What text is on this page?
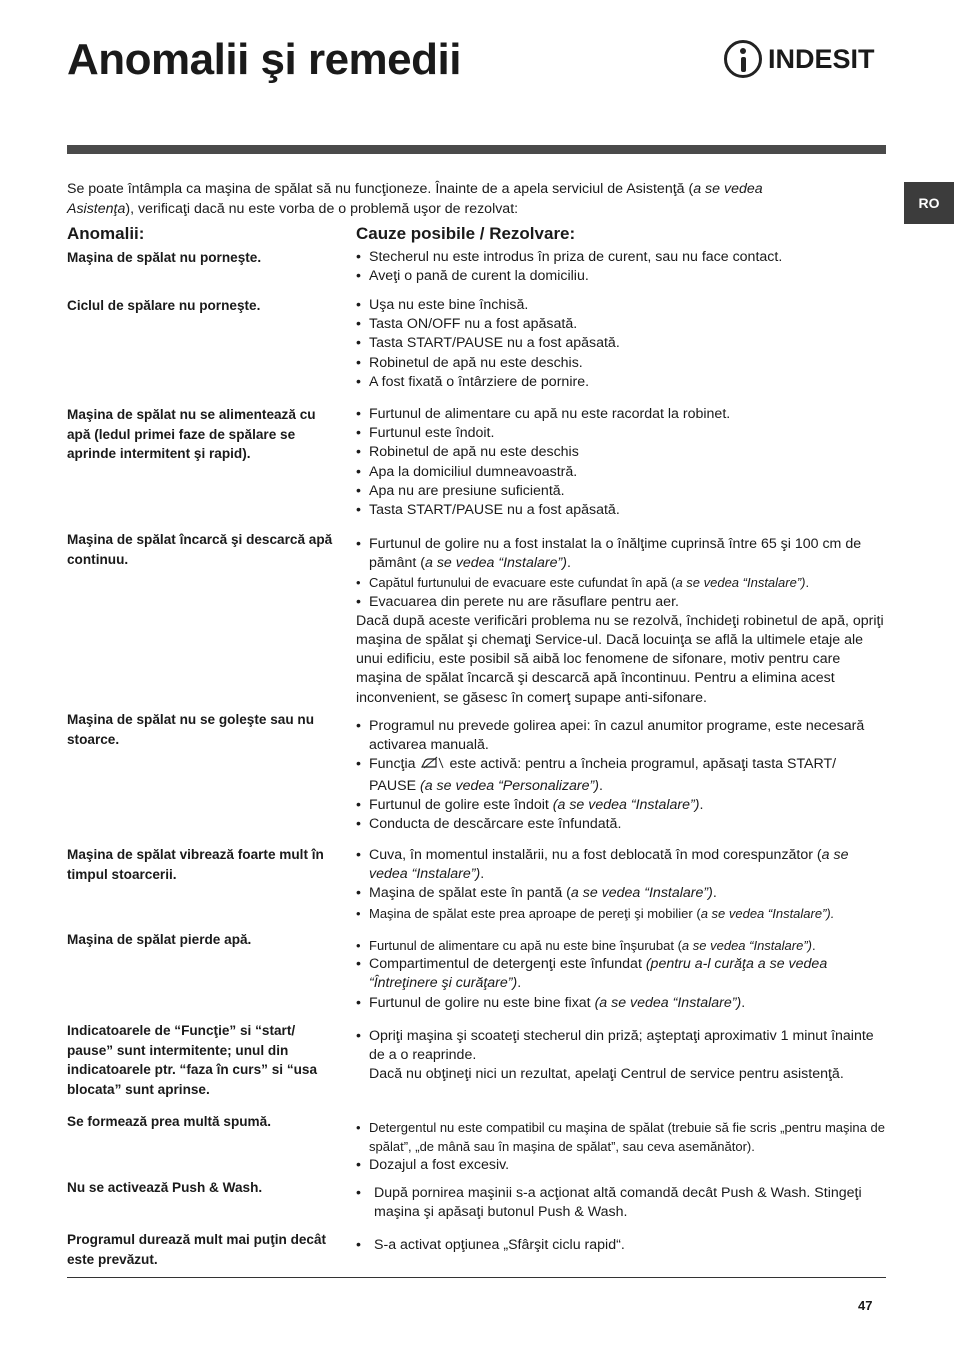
Anomalii şi remedii	INDESIT
RO

Se poate întâmpla ca maşina de spălat să nu funcţioneze. Înainte de a apela serviciul de Asistenţă (a se vedea Asistenţa), verificaţi dacă nu este vorba de o problemă uşor de rezolvat:

Anomalii:	Cauze posibile / Rezolvare:
Maşina de spălat nu porneşte.	• Stecherul nu este introdus în priza de curent, sau nu face contact.
• Aveţi o pană de curent la domiciliu.
Ciclul de spălare nu porneşte.	• Uşa nu este bine închisă.
• Tasta ON/OFF nu a fost apăsată.
• Tasta START/PAUSE nu a fost apăsată.
• Robinetul de apă nu este deschis.
• A fost fixată o întârziere de pornire.
Maşina de spălat nu se alimentează cu apă (ledul primei faze de spălare se aprinde intermitent şi rapid).
• Furtunul de alimentare cu apă nu este racordat la robinet.
• Furtunul este îndoit.
• Robinetul de apă nu este deschis
• Apa la domiciliul dumneavoastră.
• Apa nu are presiune suficientă.
• Tasta START/PAUSE nu a fost apăsată.
Maşina de spălat încarcă şi descarcă apă continuu.
• Furtunul de golire nu a fost instalat la o înălţime cuprinsă între 65 şi 100 cm de pământ (a se vedea “Instalare”).
• Capătul furtunului de evacuare este cufundat în apă (a se vedea “Instalare”).
• Evacuarea din perete nu are răsuflare pentru aer.

Dacă după aceste verificări problema nu se rezolvă, închideţi robinetul de apă, opriţi maşina de spălat şi chemaţi Service-ul. Dacă locuinţa se află la ultimele etaje ale unui edificiu, este posibil să aibă loc fenomene de sifonare, motiv pentru care maşina de spălat încarcă şi descarcă apă încontinuu. Pentru a elimina acest inconvenient, se găsesc în comerţ supape anti-sifonare.

Maşina de spălat nu se goleşte sau nu stoarce.
• Programul nu prevede golirea apei: în cazul anumitor programe, este necesară activarea manuală.
• Funcţia este activă: pentru a încheia programul, apăsaţi tasta START/ PAUSE (a se vedea “Personalizare”).
• Furtunul de golire este îndoit (a se vedea “Instalare”).
• Conducta de descărcare este înfundată.
Maşina de spălat vibrează foarte mult în timpul stoarcerii.
• Cuva, în momentul instalării, nu a fost deblocată în mod corespunzător (a se vedea “Instalare”).
• Maşina de spălat este în pantă (a se vedea “Instalare”).
• Maşina de spălat este prea aproape de pereţi şi mobilier (a se vedea “Instalare”).
Maşina de spălat pierde apă.	• Furtunul de alimentare cu apă nu este bine înşurubat (a se vedea “Instalare”).
• Compartimentul de detergenţi este înfundat (pentru a-l curăţa a se vedea “Întreţinere şi curăţare”).
• Furtunul de golire nu este bine fixat (a se vedea “Instalare”).
Indicatoarele de “Funcţie” si “start/ pause” sunt intermitente; unul din indicatoarele ptr. “faza în curs” si “usa blocata” sunt aprinse.
• Opriţi maşina şi scoateţi stecherul din priză; aşteptaţi aproximativ 1 minut înainte de a o reaprinde.

Dacă nu obţineţi nici un rezultat, apelaţi Centrul de service pentru asistenţă.

Se formează prea multă spumă.	• Detergentul nu este compatibil cu maşina de spălat (trebuie să fie scris „pentru maşina de spălat”, „de mână sau în maşina de spălat”, sau ceva asemănător).
• Dozajul a fost excesiv.
Nu se activează Push & Wash.	• După pornirea maşinii s-a acţionat altă comandă decât Push & Wash. Stingeţi maşina şi apăsaţi butonul Push & Wash.
Programul durează mult mai puţin decât este prevăzut.
• S-a activat opţiunea „Sfârşit ciclu rapid“.
47
